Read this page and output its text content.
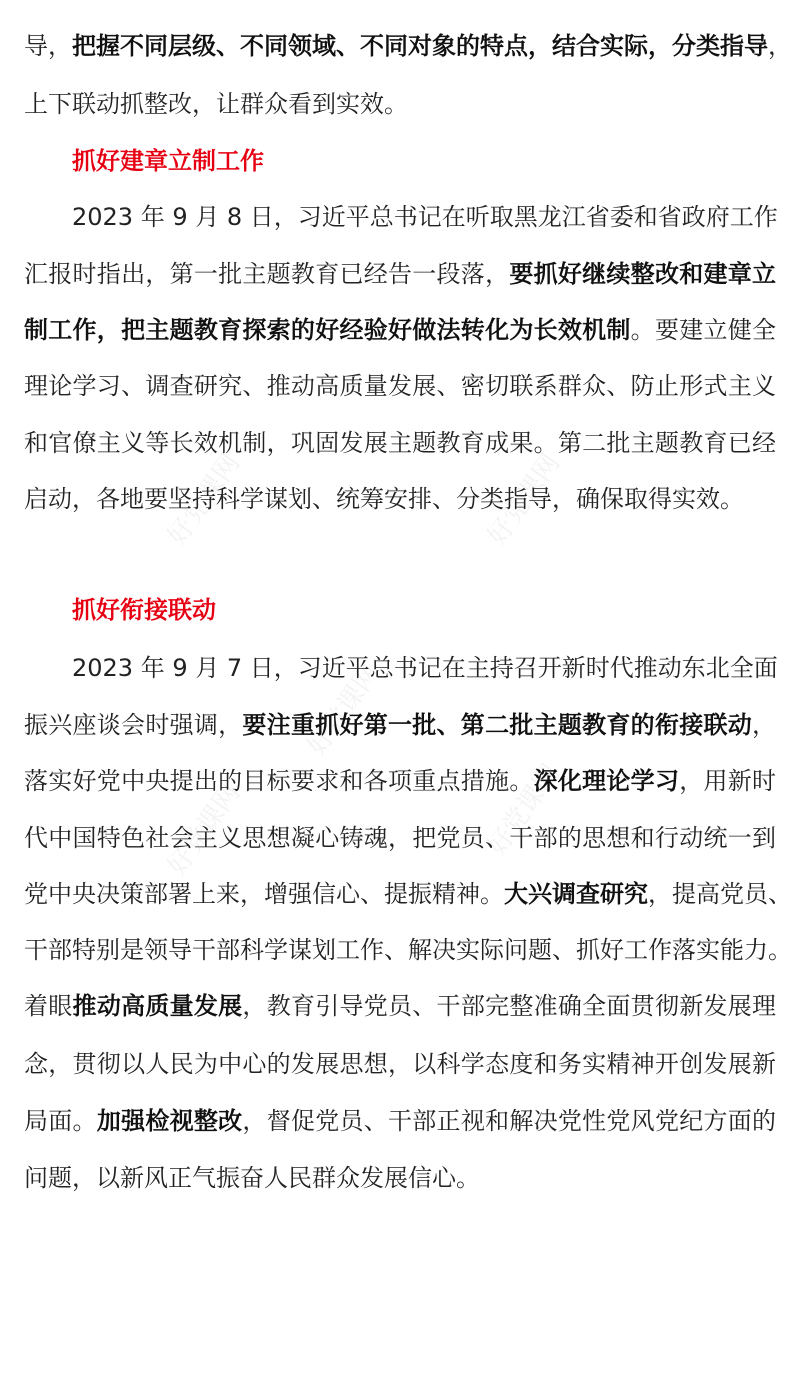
导，把握不同层级、不同领域、不同对象的特点，结合实际，分类指导，
上下联动抓整改，让群众看到实效。
抓好建章立制工作
2023 年 9 月 8 日，习近平总书记在听取黑龙江省委和省政府工作
汇报时指出，第一批主题教育已经告一段落，要抓好继续整改和建章立
制工作，把主题教育探索的好经验好做法转化为长效机制。要建立健全
理论学习、调查研究、推动高质量发展、密切联系群众、防止形式主义
和官僚主义等长效机制，巩固发展主题教育成果。第二批主题教育已经
启动，各地要坚持科学谋划、统筹安排、分类指导，确保取得实效。
抓好衔接联动
2023 年 9 月 7 日，习近平总书记在主持召开新时代推动东北全面
振兴座谈会时强调，要注重抓好第一批、第二批主题教育的衔接联动，
落实好党中央提出的目标要求和各项重点措施。深化理论学习，用新时
代中国特色社会主义思想凝心铸魂，把党员、干部的思想和行动统一到
党中央决策部署上来，增强信心、提振精神。大兴调查研究，提高党员、
干部特别是领导干部科学谋划工作、解决实际问题、抓好工作落实能力。
着眼推动高质量发展，教育引导党员、干部完整准确全面贯彻新发展理
念，贯彻以人民为中心的发展思想，以科学态度和务实精神开创发展新
局面。加强检视整改，督促党员、干部正视和解决党性党风党纪方面的
问题，以新风正气振奋人民群众发展信心。
好党课网	好党课网
好党课网
好党课网	好党课网
